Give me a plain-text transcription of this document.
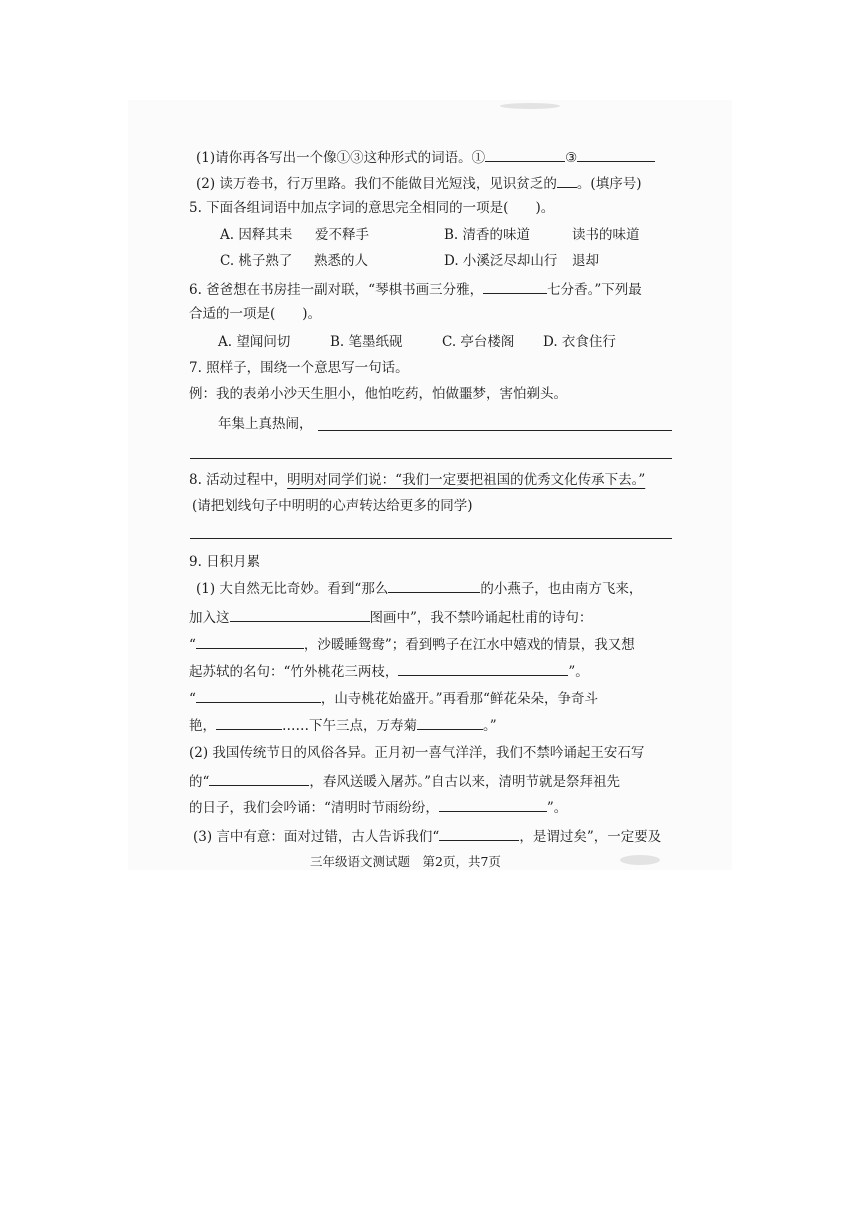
(1)请你再各写出一个像①③这种形式的词语。①	③
(2) 读万卷书，行万里路。我们不能做目光短浅，见识贫乏的 。(填序号)
5. 下面各组词语中加点字词的意思完全相同的一项是(　　)。
A. 因释其耒 爱不释手	B. 清香的味道	读书的味道
C. 桃子熟了 熟悉的人	D. 小溪泛尽却山行 退却
6. 爸爸想在书房挂一副对联，“琴棋书画三分雅，	七分香。”下列最
合适的一项是(　　)。
A. 望闻问切	B. 笔墨纸砚	C. 亭台楼阁 D. 衣食住行
7. 照样子，围绕一个意思写一句话。
例：我的表弟小沙天生胆小，他怕吃药，怕做噩梦，害怕剃头。
年集上真热闹，
8. 活动过程中，明明对同学们说：“我们一定要把祖国的优秀文化传承下去。”
(请把划线句子中明明的心声转达给更多的同学)
9. 日积月累
(1) 大自然无比奇妙。看到“那么	的小燕子，也由南方飞来，
加入这	图画中”，我不禁吟诵起杜甫的诗句：
“	，沙暖睡鸳鸯”；看到鸭子在江水中嬉戏的情景，我又想
起苏轼的名句：“竹外桃花三两枝，	”。
“	，山寺桃花始盛开。”再看那“鲜花朵朵，争奇斗
艳，	……下午三点，万寿菊	。”
(2) 我国传统节日的风俗各异。正月初一喜气洋洋，我们不禁吟诵起王安石写
的“	，春风送暖入屠苏。”自古以来，清明节就是祭拜祖先
的日子，我们会吟诵：“清明时节雨纷纷，	”。
(3) 言中有意：面对过错，古人告诉我们“	，是谓过矣”，一定要及
三年级语文测试题　第2页，共7页
